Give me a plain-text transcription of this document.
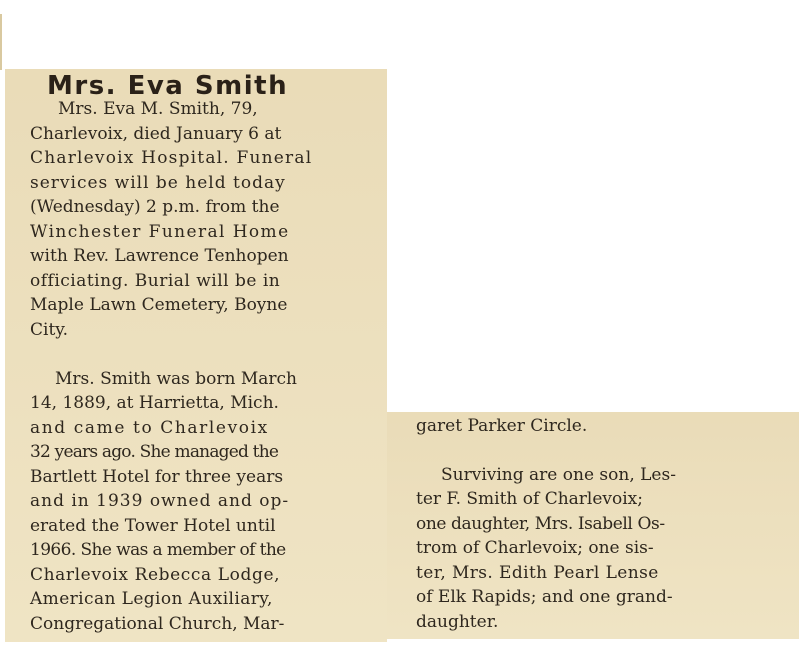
Mrs. Eva Smith
Mrs. Eva M. Smith, 79,
Charlevoix, died January 6 at
Charlevoix Hospital. Funeral
services will be held today
(Wednesday) 2 p.m. from the
Winchester Funeral Home
with Rev. Lawrence Tenhopen
officiating. Burial will be in
Maple Lawn Cemetery, Boyne
City.
Mrs. Smith was born March
14, 1889, at Harrietta, Mich.
and came to Charlevoix
32 years ago. She managed the
Bartlett Hotel for three years
and in 1939 owned and op-
erated the Tower Hotel until
1966. She was a member of the
Charlevoix Rebecca Lodge,
American Legion Auxiliary,
Congregational Church, Mar-
garet Parker Circle.
Surviving are one son, Les-
ter F. Smith of Charlevoix;
one daughter, Mrs. Isabell Os-
trom of Charlevoix; one sis-
ter, Mrs. Edith Pearl Lense
of Elk Rapids; and one grand-
daughter.
